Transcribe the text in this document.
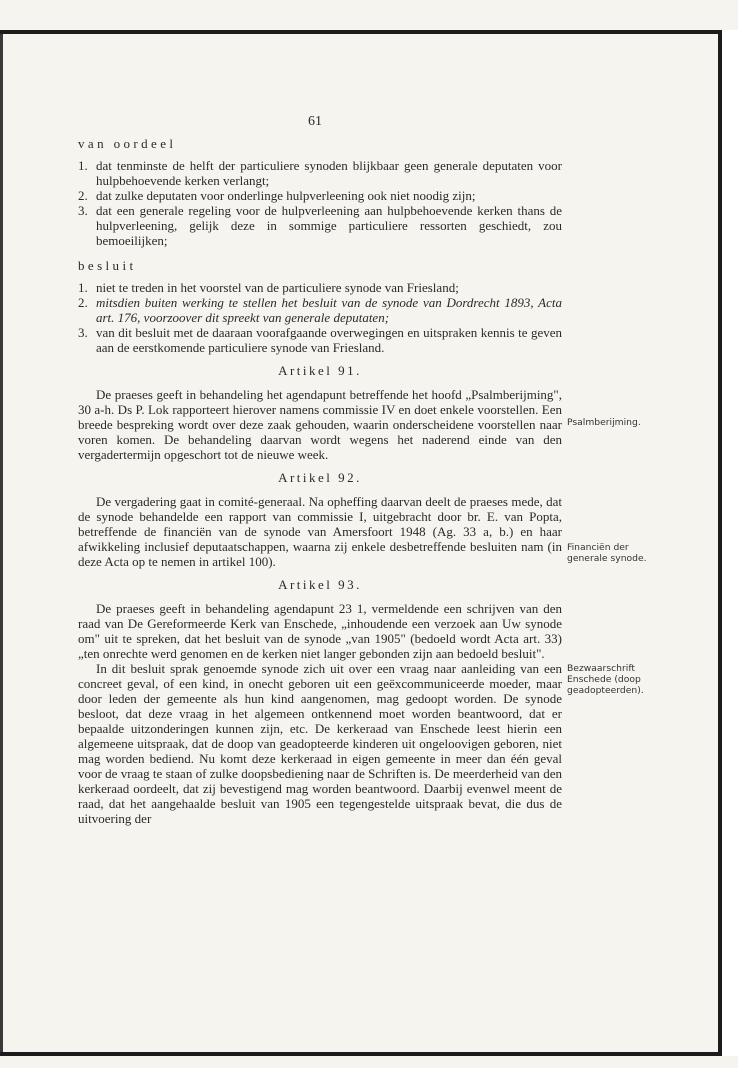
61
van oordeel
1. dat tenminste de helft der particuliere synoden blijkbaar geen generale deputaten voor hulpbehoevende kerken verlangt;
2. dat zulke deputaten voor onderlinge hulpverleening ook niet noodig zijn;
3. dat een generale regeling voor de hulpverleening aan hulpbehoevende kerken thans de hulpverleening, gelijk deze in sommige particuliere ressorten geschiedt, zou bemoeilijken;
besluit
1. niet te treden in het voorstel van de particuliere synode van Friesland;
2. mitsdien buiten werking te stellen het besluit van de synode van Dordrecht 1893, Acta art. 176, voorzoover dit spreekt van generale deputaten;
3. van dit besluit met de daaraan voorafgaande overwegingen en uitspraken kennis te geven aan de eerstkomende particuliere synode van Friesland.
Artikel 91.

De praeses geeft in behandeling het agendapunt betreffende het hoofd „Psalmberijming", 30 a-h. Ds P. Lok rapporteert hierover namens commissie IV en doet enkele voorstellen. Een breede bespreking wordt over deze zaak gehouden, waarin onderscheidene voorstellen naar voren komen. De behandeling daarvan wordt wegens het naderend einde van den vergadertermijn opgeschort tot de nieuwe week.

Artikel 92.

De vergadering gaat in comité-generaal. Na opheffing daarvan deelt de praeses mede, dat de synode behandelde een rapport van commissie I, uitgebracht door br. E. van Popta, betreffende de financiën van de synode van Amersfoort 1948 (Ag. 33 a, b.) en haar afwikkeling inclusief deputaatschappen, waarna zij enkele desbetreffende besluiten nam (in deze Acta op te nemen in artikel 100).

Artikel 93.

De praeses geeft in behandeling agendapunt 23 1, vermeldende een schrijven van den raad van De Gereformeerde Kerk van Enschede, „inhoudende een verzoek aan Uw synode om" uit te spreken, dat het besluit van de synode „van 1905" (bedoeld wordt Acta art. 33) „ten onrechte werd genomen en de kerken niet langer gebonden zijn aan bedoeld besluit".

In dit besluit sprak genoemde synode zich uit over een vraag naar aanleiding van een concreet geval, of een kind, in onecht geboren uit een geëxcommuniceerde moeder, maar door leden der gemeente als hun kind aangenomen, mag gedoopt worden. De synode besloot, dat deze vraag in het algemeen ontkennend moet worden beantwoord, dat er bepaalde uitzonderingen kunnen zijn, etc. De kerkeraad van Enschede leest hierin een algemeene uitspraak, dat de doop van geadopteerde kinderen uit ongeloovigen geboren, niet mag worden bediend. Nu komt deze kerkeraad in eigen gemeente in meer dan één geval voor de vraag te staan of zulke doopsbediening naar de Schriften is. De meerderheid van den kerkeraad oordeelt, dat zij bevestigend mag worden beantwoord. Daarbij evenwel meent de raad, dat het aangehaalde besluit van 1905 een tegengestelde uitspraak bevat, die dus de uitvoering der

Psalmberijming.
Financiën der generale synode.
Bezwaarschrift Enschede (doop geadopteerden).
